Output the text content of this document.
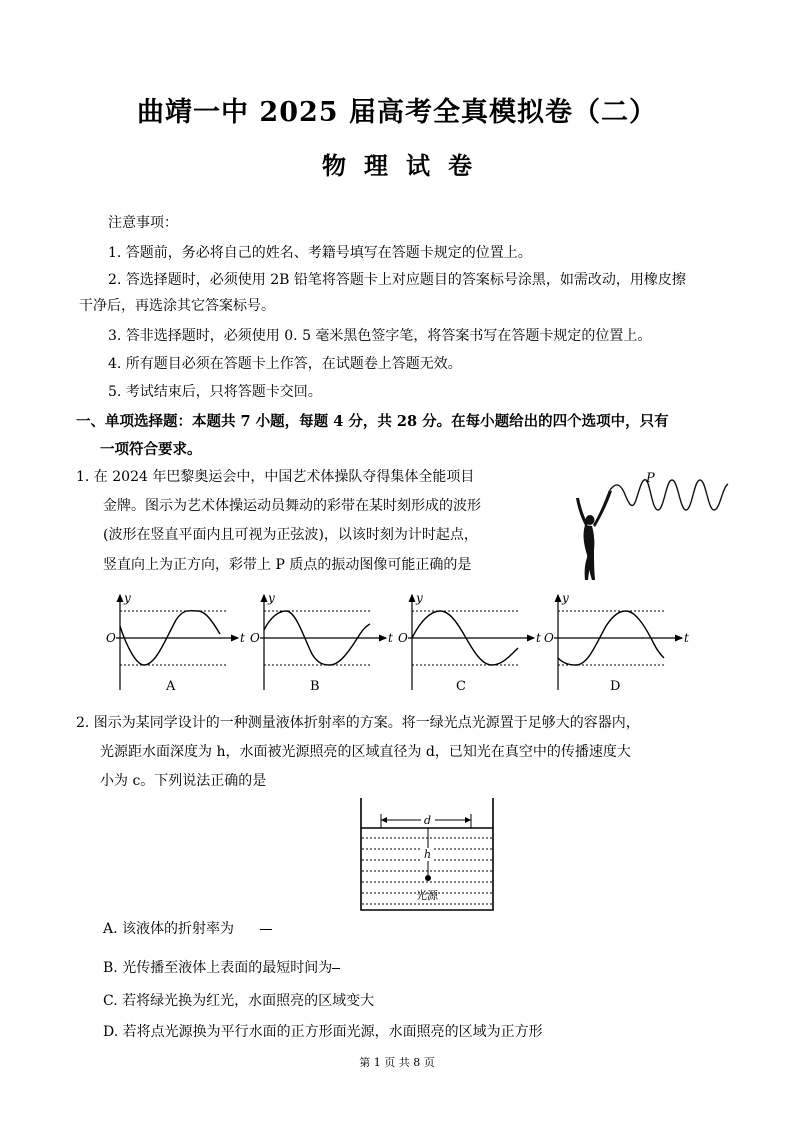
曲靖一中 2025 届高考全真模拟卷（二）
物理试卷
注意事项：
1. 答题前，务必将自己的姓名、考籍号填写在答题卡规定的位置上。
2. 答选择题时，必须使用 2B 铅笔将答题卡上对应题目的答案标号涂黑，如需改动，用橡皮擦
干净后，再选涂其它答案标号。
3. 答非选择题时，必须使用 0. 5 毫米黑色签字笔，将答案书写在答题卡规定的位置上。
4. 所有题目必须在答题卡上作答，在试题卷上答题无效。
5. 考试结束后，只将答题卡交回。
一、单项选择题：本题共 7 小题，每题 4 分，共 28 分。在每小题给出的四个选项中，只有
一项符合要求。
1. 在 2024 年巴黎奥运会中，中国艺术体操队夺得集体全能项目
金牌。图示为艺术体操运动员舞动的彩带在某时刻形成的波形
(波形在竖直平面内且可视为正弦波)，以该时刻为计时起点，
竖直向上为正方向，彩带上 P 质点的振动图像可能正确的是
P
y
O	t
A
y
O	t
B
y
O	t
C
y
O	t
D
2. 图示为某同学设计的一种测量液体折射率的方案。将一绿光点光源置于足够大的容器内，
光源距水面深度为 h，水面被光源照亮的区域直径为 d，已知光在真空中的传播速度大
小为 c。下列说法正确的是
d
h
光源
A. 该液体的折射率为
B. 光传播至液体上表面的最短时间为
C. 若将绿光换为红光，水面照亮的区域变大
D. 若将点光源换为平行水面的正方形面光源，水面照亮的区域为正方形
第 1 页 共 8 页
